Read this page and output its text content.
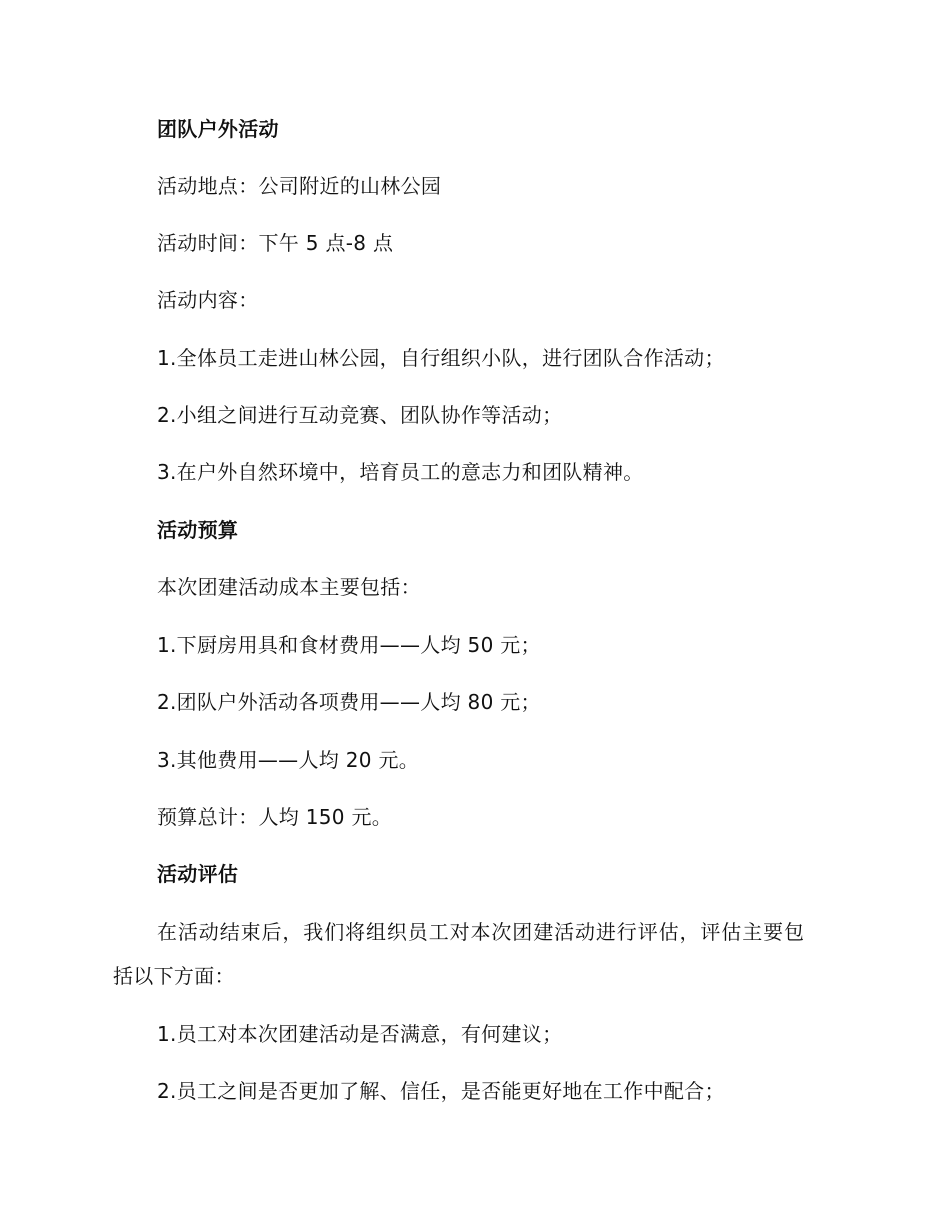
团队户外活动

活动地点：公司附近的山林公园

活动时间：下午 5 点-8 点

活动内容：

1.全体员工走进山林公园，自行组织小队，进行团队合作活动；

2.小组之间进行互动竞赛、团队协作等活动；

3.在户外自然环境中，培育员工的意志力和团队精神。

活动预算

本次团建活动成本主要包括：

1.下厨房用具和食材费用——人均 50 元；

2.团队户外活动各项费用——人均 80 元；

3.其他费用——人均 20 元。

预算总计：人均 150 元。

活动评估

在活动结束后，我们将组织员工对本次团建活动进行评估，评估主要包

括以下方面：

1.员工对本次团建活动是否满意，有何建议；

2.员工之间是否更加了解、信任，是否能更好地在工作中配合；
